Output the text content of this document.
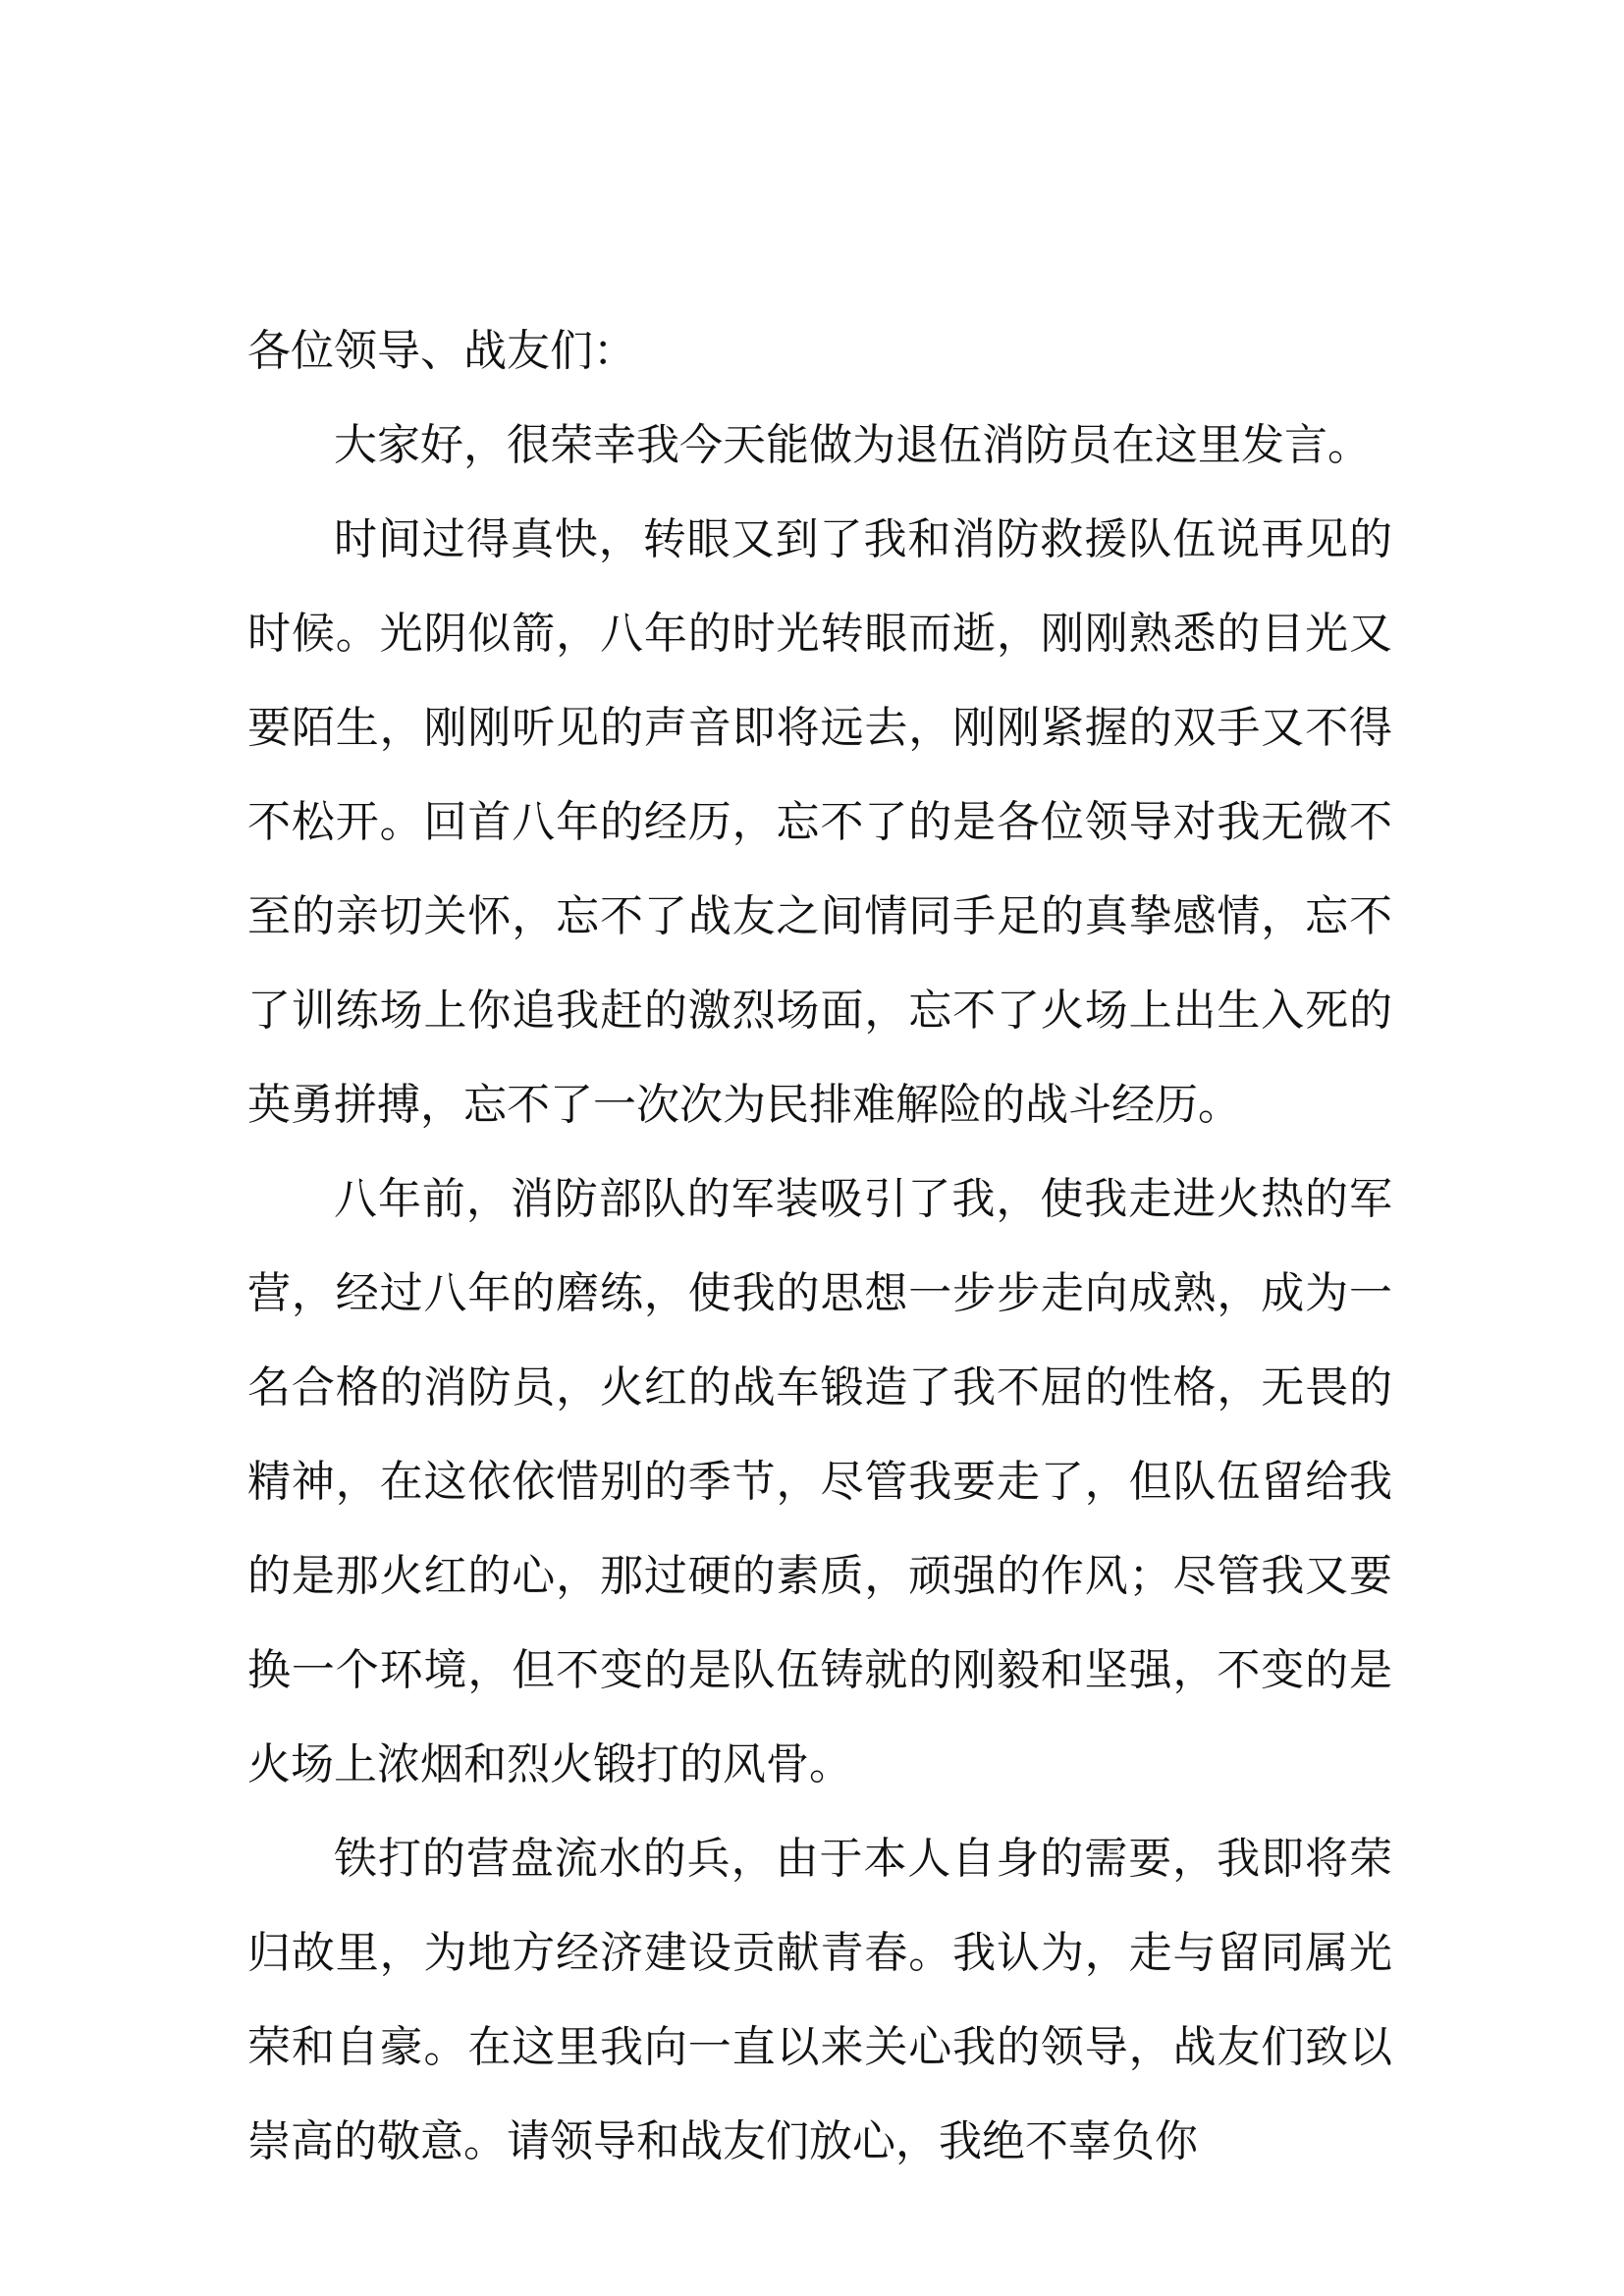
各位领导、战友们：

大家好，很荣幸我今天能做为退伍消防员在这里发言。

时间过得真快，转眼又到了我和消防救援队伍说再见的时候。光阴似箭，八年的时光转眼而逝，刚刚熟悉的目光又要陌生，刚刚听见的声音即将远去，刚刚紧握的双手又不得不松开。回首八年的经历，忘不了的是各位领导对我无微不至的亲切关怀，忘不了战友之间情同手足的真挚感情，忘不了训练场上你追我赶的激烈场面，忘不了火场上出生入死的英勇拼搏，忘不了一次次为民排难解险的战斗经历。

八年前，消防部队的军装吸引了我，使我走进火热的军营，经过八年的磨练，使我的思想一步步走向成熟，成为一名合格的消防员，火红的战车锻造了我不屈的性格，无畏的精神，在这依依惜别的季节，尽管我要走了，但队伍留给我的是那火红的心，那过硬的素质，顽强的作风；尽管我又要换一个环境，但不变的是队伍铸就的刚毅和坚强，不变的是火场上浓烟和烈火锻打的风骨。

铁打的营盘流水的兵，由于本人自身的需要，我即将荣归故里，为地方经济建设贡献青春。我认为，走与留同属光荣和自豪。在这里我向一直以来关心我的领导，战友们致以崇高的敬意。请领导和战友们放心，我绝不辜负你
